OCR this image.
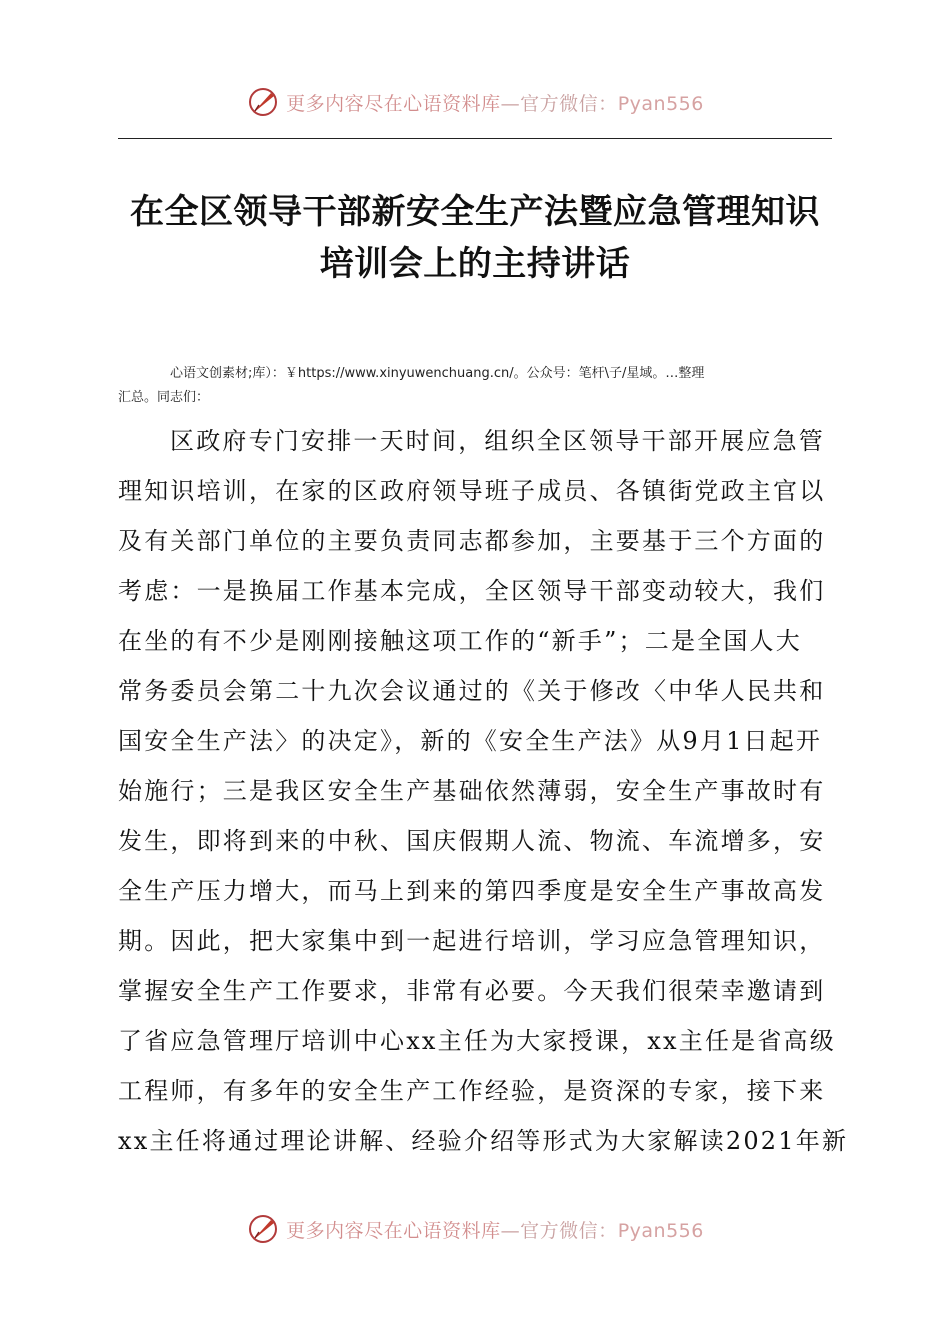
更多内容尽在心语资料库—官方微信：Pyan556
在全区领导干部新安全生产法暨应急管理知识
培训会上的主持讲话
心语文创素材;库）：￥https://www.xinyuwenchuang.cn/。公众号：笔杆\子/星域。…整理
汇总。同志们：
区政府专门安排一天时间，组织全区领导干部开展应急管
理知识培训，在家的区政府领导班子成员、各镇街党政主官以
及有关部门单位的主要负责同志都参加，主要基于三个方面的
考虑：一是换届工作基本完成，全区领导干部变动较大，我们
在坐的有不少是刚刚接触这项工作的“新手”；二是全国人大
常务委员会第二十九次会议通过的《关于修改〈中华人民共和
国安全生产法〉的决定》，新的《安全生产法》从9月1日起开
始施行；三是我区安全生产基础依然薄弱，安全生产事故时有
发生，即将到来的中秋、国庆假期人流、物流、车流增多，安
全生产压力增大，而马上到来的第四季度是安全生产事故高发
期。因此，把大家集中到一起进行培训，学习应急管理知识，
掌握安全生产工作要求，非常有必要。今天我们很荣幸邀请到
了省应急管理厅培训中心xx主任为大家授课，xx主任是省高级
工程师，有多年的安全生产工作经验，是资深的专家，接下来
xx主任将通过理论讲解、经验介绍等形式为大家解读2021年新
更多内容尽在心语资料库—官方微信：Pyan556
